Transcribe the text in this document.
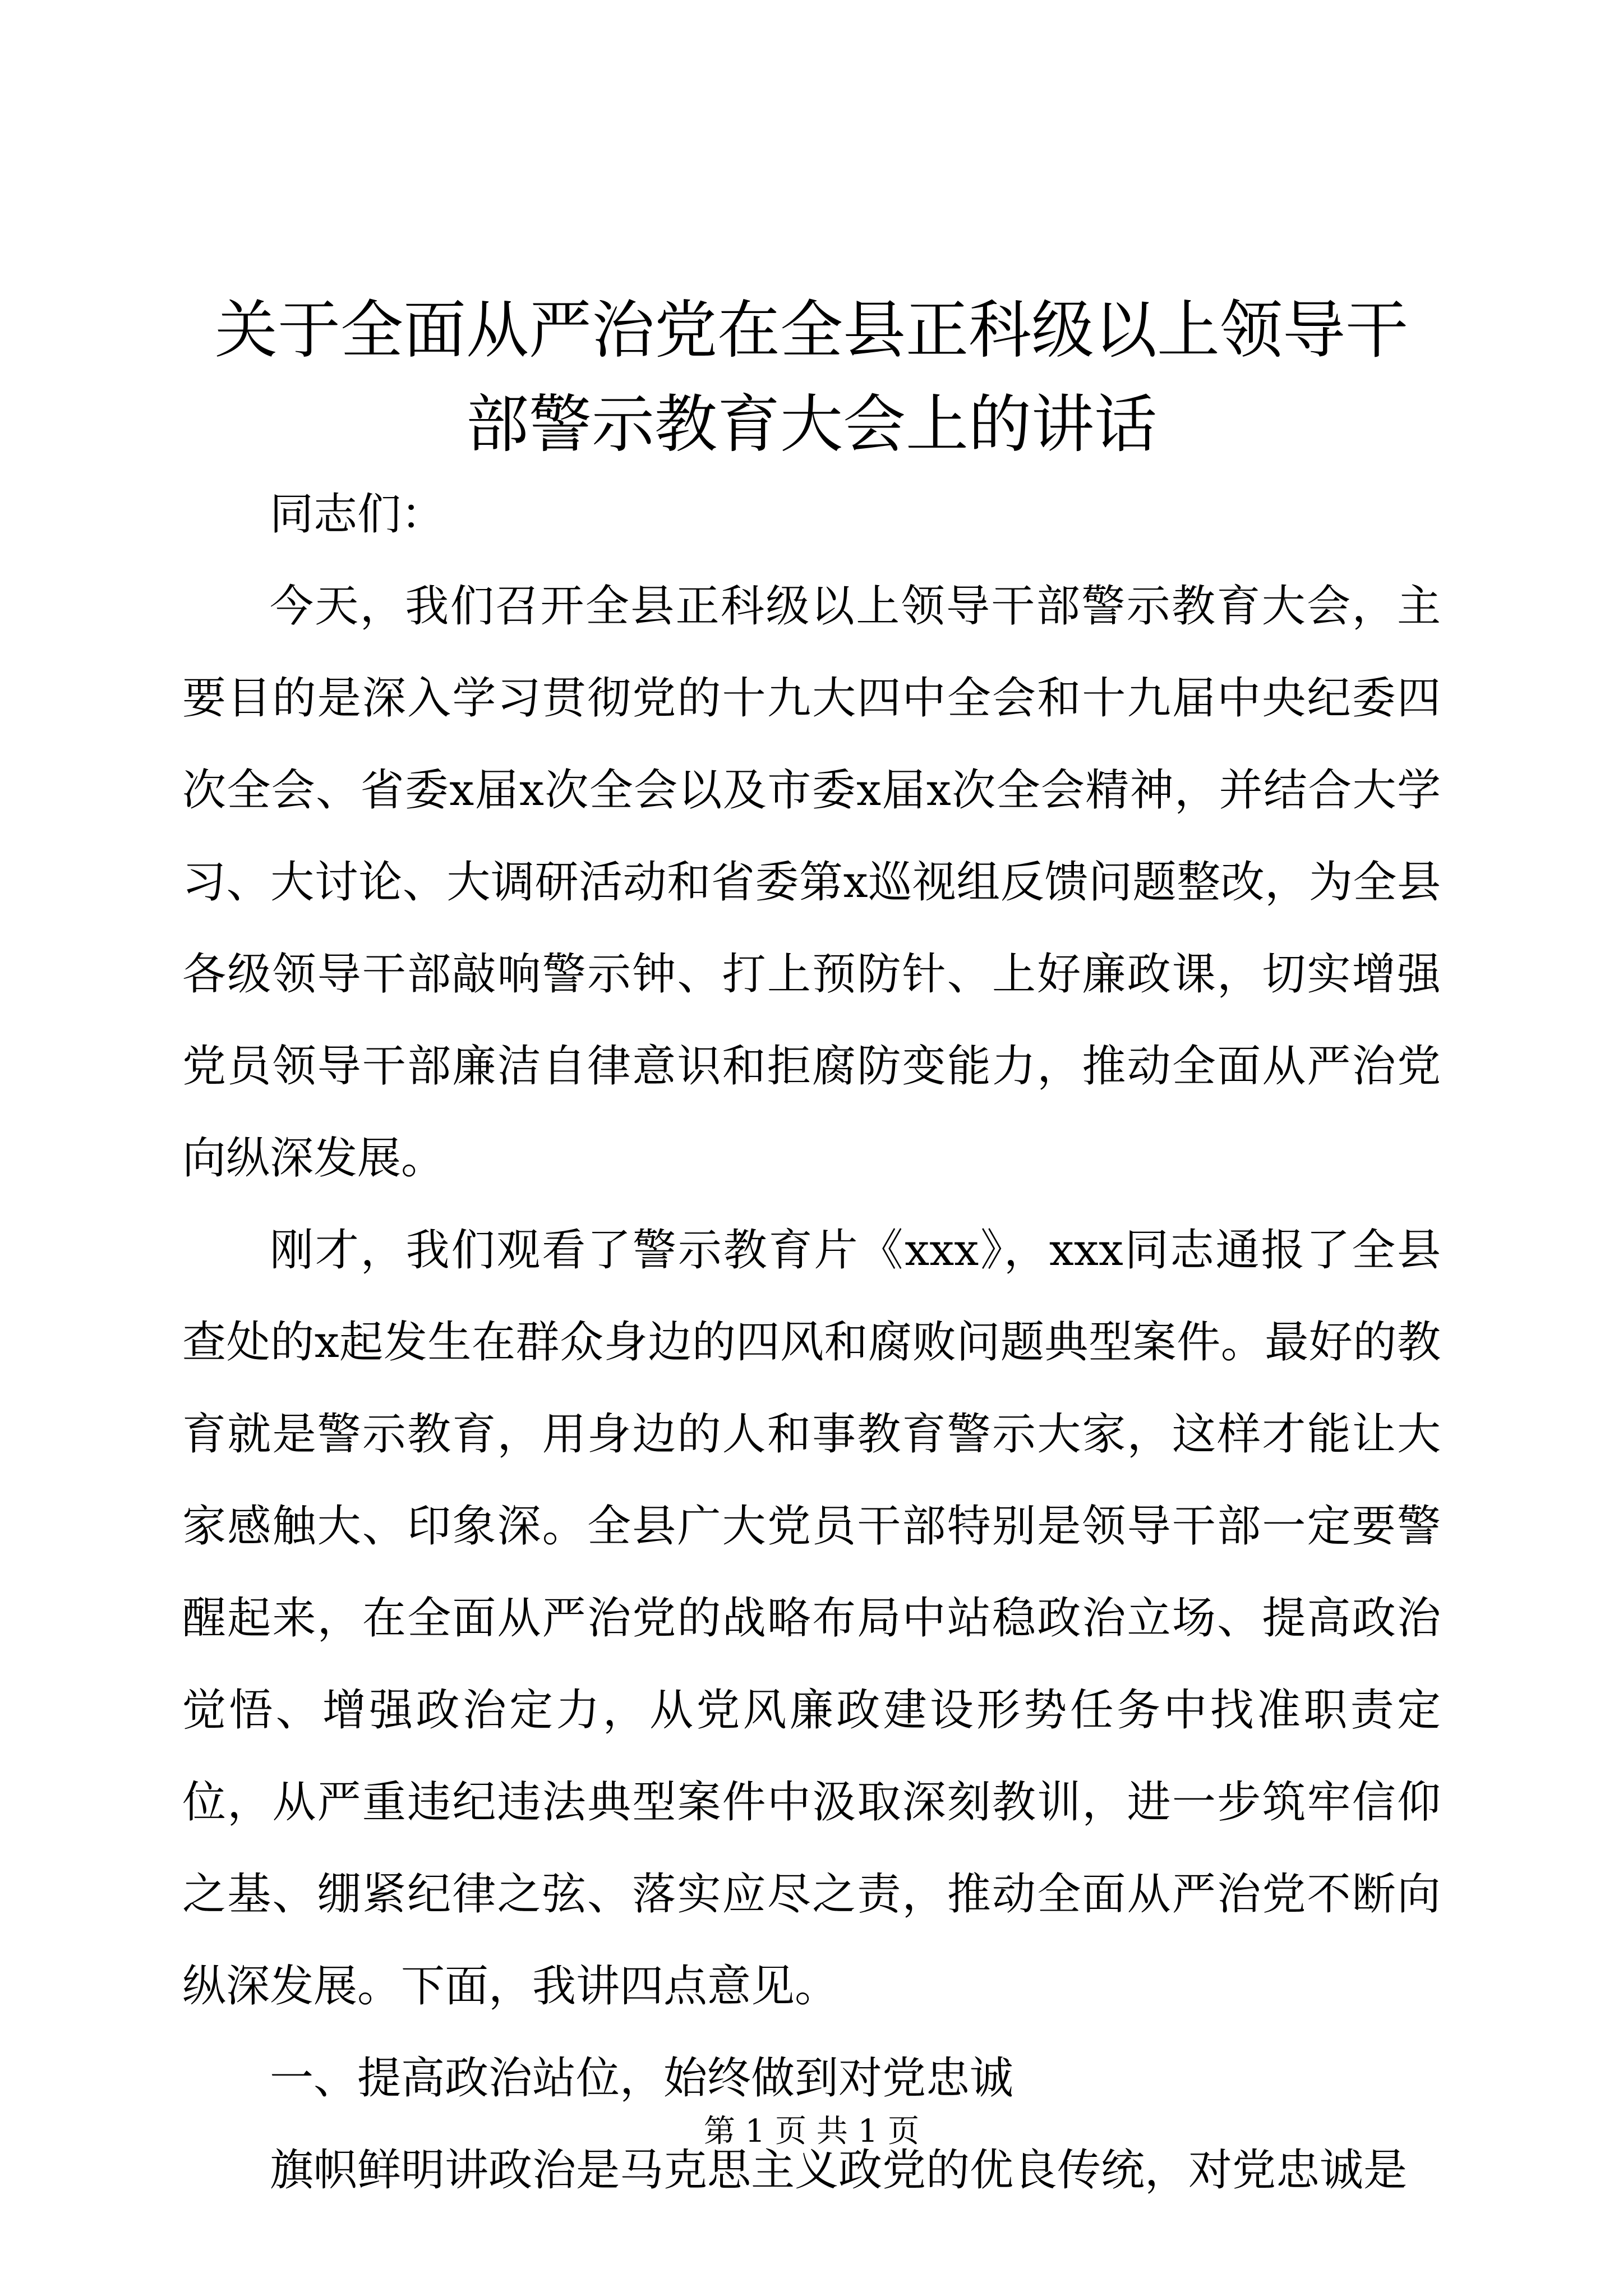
关于全面从严治党在全县正科级以上领导干部警示教育大会上的讲话

同志们：

今天，我们召开全县正科级以上领导干部警示教育大会，主要目的是深入学习贯彻党的十九大四中全会和十九届中央纪委四次全会、省委x届x次全会以及市委x届x次全会精神，并结合大学习、大讨论、大调研活动和省委第x巡视组反馈问题整改，为全县各级领导干部敲响警示钟、打上预防针、上好廉政课，切实增强党员领导干部廉洁自律意识和拒腐防变能力，推动全面从严治党向纵深发展。

刚才，我们观看了警示教育片《xxx》，xxx同志通报了全县查处的x起发生在群众身边的四风和腐败问题典型案件。最好的教育就是警示教育，用身边的人和事教育警示大家，这样才能让大家感触大、印象深。全县广大党员干部特别是领导干部一定要警醒起来，在全面从严治党的战略布局中站稳政治立场、提高政治觉悟、增强政治定力，从党风廉政建设形势任务中找准职责定位，从严重违纪违法典型案件中汲取深刻教训，进一步筑牢信仰之基、绷紧纪律之弦、落实应尽之责，推动全面从严治党不断向纵深发展。下面，我讲四点意见。

一、提高政治站位，始终做到对党忠诚

旗帜鲜明讲政治是马克思主义政党的优良传统，对党忠诚是

第 1 页 共 1 页
